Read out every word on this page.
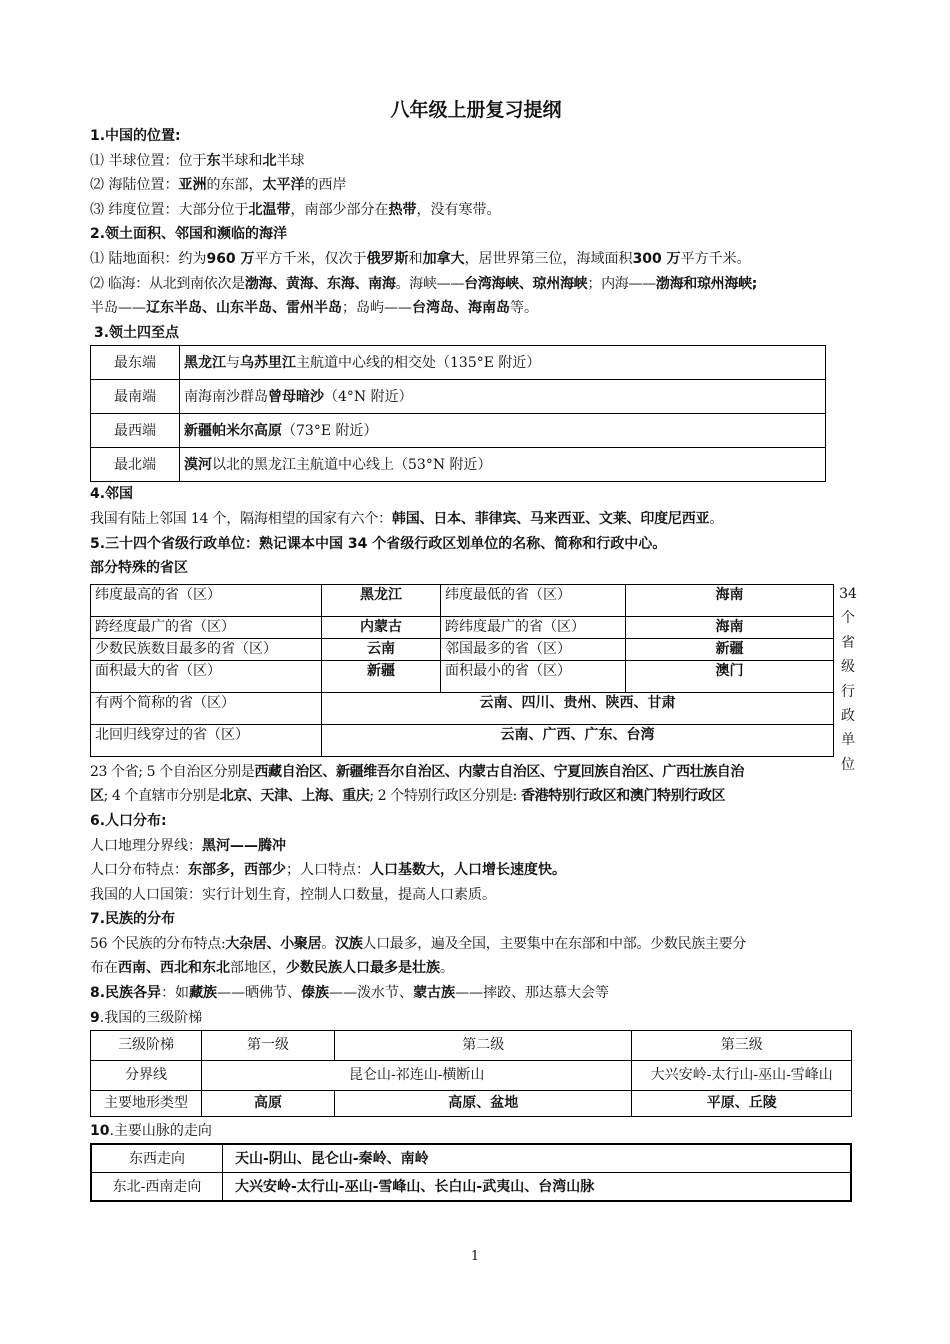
八年级上册复习提纲
1.中国的位置:
⑴ 半球位置：位于东半球和北半球
⑵ 海陆位置：亚洲的东部，太平洋的西岸
⑶ 纬度位置：大部分位于北温带，南部少部分在热带，没有寒带。
2.领土面积、邻国和濒临的海洋
⑴ 陆地面积：约为960 万平方千米，仅次于俄罗斯和加拿大，居世界第三位，海域面积300 万平方千米。
⑵ 临海：从北到南依次是渤海、黄海、东海、南海。海峡——台湾海峡、琼州海峡；内海——渤海和琼州海峡;
半岛——辽东半岛、山东半岛、雷州半岛；岛屿——台湾岛、海南岛等。
3.领土四至点
最东端	黑龙江与乌苏里江主航道中心线的相交处（135°E 附近）
最南端	南海南沙群岛曾母暗沙（4°N 附近）
最西端	新疆帕米尔高原（73°E 附近）
最北端	漠河以北的黑龙江主航道中心线上（53°N 附近）
4.邻国
我国有陆上邻国 14 个，隔海相望的国家有六个：韩国、日本、菲律宾、马来西亚、文莱、印度尼西亚。
5.三十四个省级行政单位：熟记课本中国 34 个省级行政区划单位的名称、简称和行政中心。
部分特殊的省区
纬度最高的省（区）	黑龙江	纬度最低的省（区）	海南
跨经度最广的省（区）	内蒙古	跨纬度最广的省（区）	海南
少数民族数目最多的省（区）	云南	邻国最多的省（区）	新疆
面积最大的省（区）	新疆	面积最小的省（区）	澳门
有两个简称的省（区）	云南、四川、贵州、陕西、甘肃		
北回归线穿过的省（区）	云南、广西、广东、台湾		
34
个
省
级
行
政
单
位
23 个省; 5 个自治区分别是西藏自治区、新疆维吾尔自治区、内蒙古自治区、宁夏回族自治区、广西壮族自治
区; 4 个直辖市分别是北京、天津、上海、重庆; 2 个特别行政区分别是: 香港特别行政区和澳门特别行政区
6.人口分布:
人口地理分界线：黑河——腾冲
人口分布特点：东部多，西部少；人口特点：人口基数大，人口增长速度快。
我国的人口国策：实行计划生育，控制人口数量，提高人口素质。
7.民族的分布
56 个民族的分布特点:大杂居、小聚居。汉族人口最多，遍及全国，主要集中在东部和中部。少数民族主要分
布在西南、西北和东北部地区，少数民族人口最多是壮族。
8.民族各异：如藏族——晒佛节、傣族——泼水节、蒙古族——摔跤、那达慕大会等
9.我国的三级阶梯
三级阶梯	第一级	第二级	第三级
分界线	昆仑山-祁连山-横断山		大兴安岭-太行山-巫山-雪峰山
主要地形类型	高原	高原、盆地	平原、丘陵
10.主要山脉的走向
东西走向	天山-阴山、昆仑山-秦岭、南岭
东北-西南走向	大兴安岭-太行山-巫山-雪峰山、长白山-武夷山、台湾山脉
1
